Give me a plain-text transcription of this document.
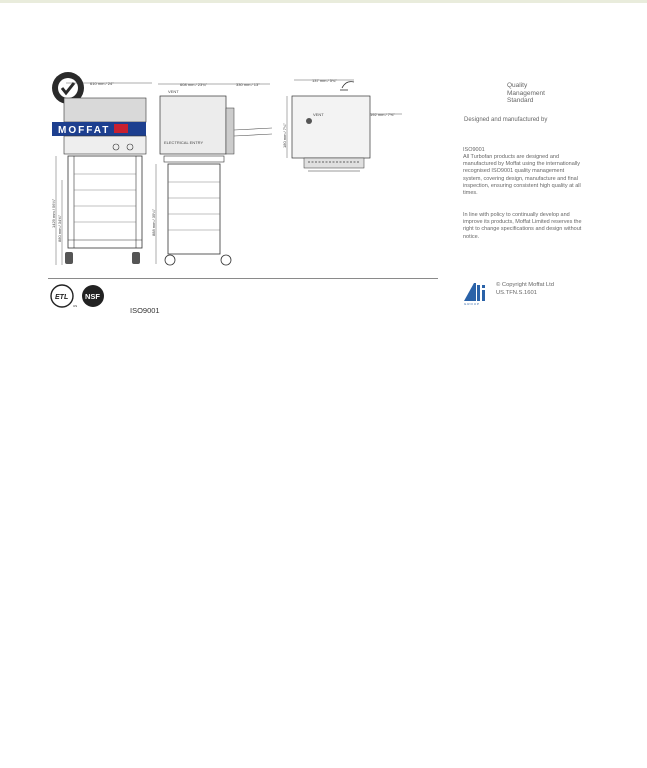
610 mm / 24"
MOFFAT
1429 mm / 56¼"
880 mm / 34⅝"
608 mm / 23¾"	330 mm / 13"
VENT
ELECTRICAL ENTRY
888 mm / 35¼"
137 mm / 5¾"
VENT	192 mm / 7⅝"
180 mm / 7¼"
Quality
Management
Standard
Designed and manufactured by
ISO9001

All Turbofan products are designed and manufactured by Moffat using the internationally recognised ISO9001 quality management system, covering design, manufacture and final inspection, ensuring consistent high quality at all times.

In line with policy to continually develop and improve its products, Moffat Limited reserves the right to change specifications and design without notice.

ETL
US
NSF
ISO9001
GROUP
© Copyright Moffat Ltd
US.TFN.S.1601
